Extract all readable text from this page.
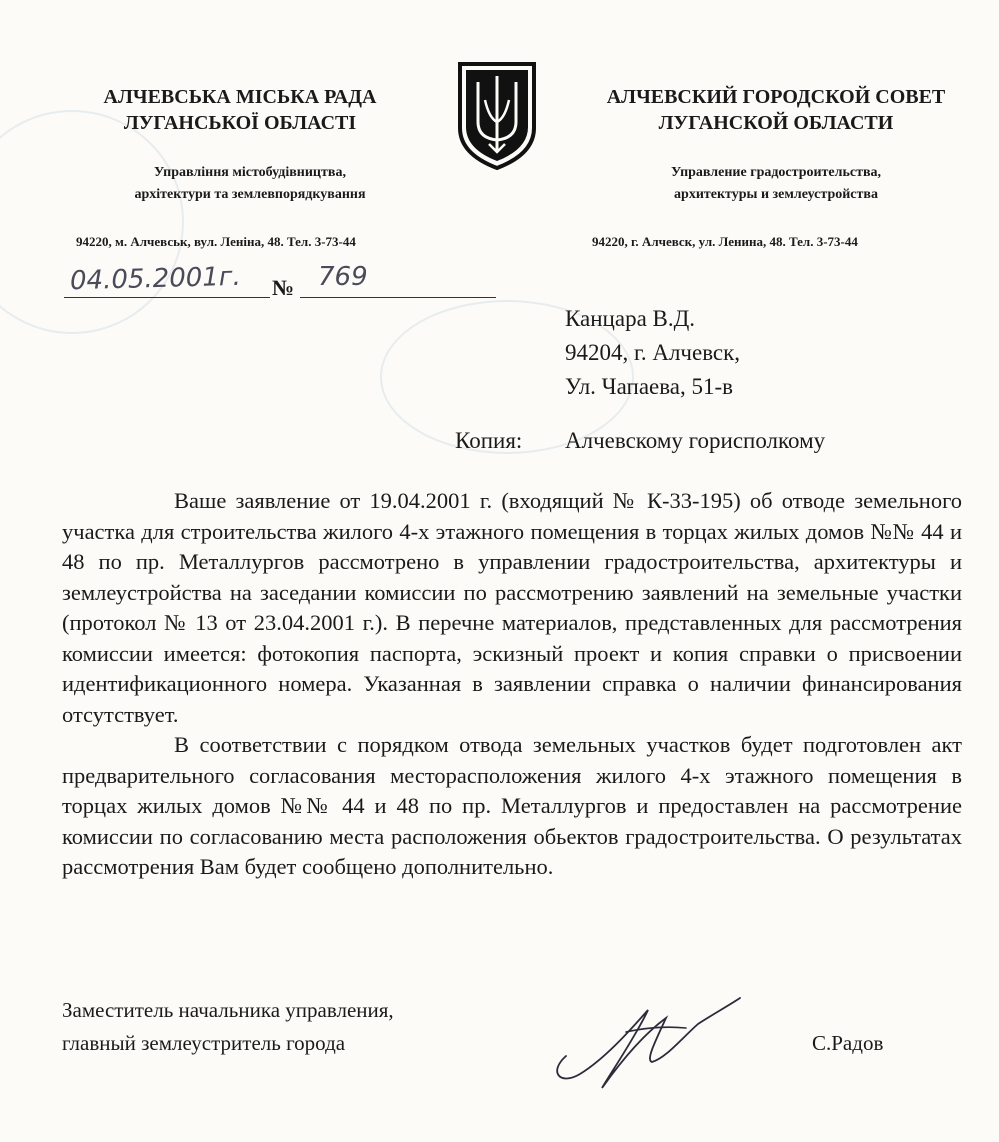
АЛЧЕВСЬКА МІСЬКА РАДА
ЛУГАНСЬКОЇ ОБЛАСТІ
Управління містобудівництва,
архітектури та землевпорядкування
94220, м. Алчевськ, вул. Леніна, 48. Тел. 3-73-44
АЛЧЕВСКИЙ ГОРОДСКОЙ СОВЕТ
ЛУГАНСКОЙ ОБЛАСТИ
Управление градостроительства,
архитектуры и землеустройства
94220, г. Алчевск, ул. Ленина, 48. Тел. 3-73-44
04.05.2001г. № 769
Канцара В.Д.
94204, г. Алчевск,
Ул. Чапаева, 51-в
Копия: Алчевскому горисполкому

Ваше заявление от 19.04.2001 г. (входящий № К-33-195) об отводе земельного участка для строительства жилого 4-х этажного помещения в торцах жилых домов №№ 44 и 48 по пр. Металлургов рассмотрено в управлении градостроительства, архитектуры и землеустройства на заседании комиссии по рассмотрению заявлений на земельные участки (протокол № 13 от 23.04.2001 г.). В перечне материалов, представленных для рассмотрения комиссии имеется: фотокопия паспорта, эскизный проект и копия справки о присвоении идентификационного номера. Указанная в заявлении справка о наличии финансирования отсутствует.

В соответствии с порядком отвода земельных участков будет подготовлен акт предварительного согласования месторасположения жилого 4-х этажного помещения в торцах жилых домов №№ 44 и 48 по пр. Металлургов и предоставлен на рассмотрение комиссии по согласованию места расположения обьектов градостроительства. О результатах рассмотрения Вам будет сообщено дополнительно.

Заместитель начальника управления,
главный землеустритель города	С.Радов
